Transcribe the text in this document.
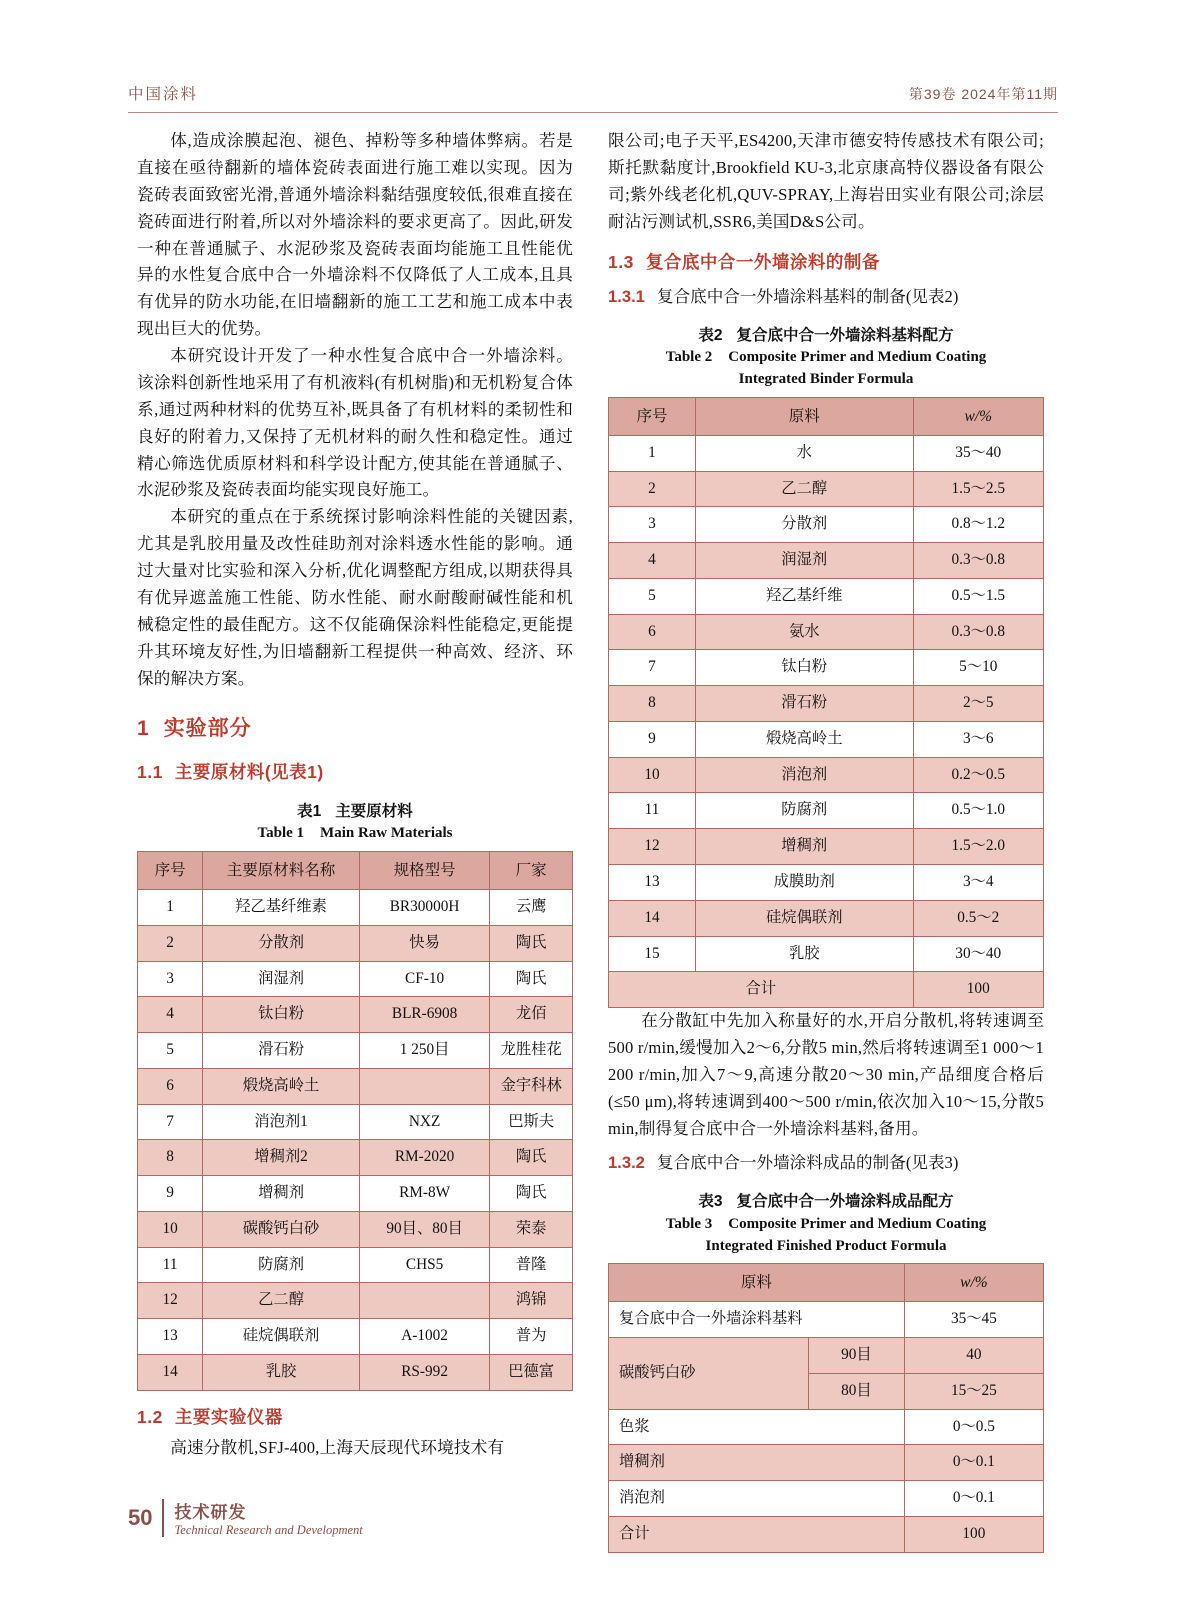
中国涂料	第39卷 2024年第11期

体,造成涂膜起泡、褪色、掉粉等多种墙体弊病。若是直接在亟待翻新的墙体瓷砖表面进行施工难以实现。因为瓷砖表面致密光滑,普通外墙涂料黏结强度较低,很难直接在瓷砖面进行附着,所以对外墙涂料的要求更高了。因此,研发一种在普通腻子、水泥砂浆及瓷砖表面均能施工且性能优异的水性复合底中合一外墙涂料不仅降低了人工成本,且具有优异的防水功能,在旧墙翻新的施工工艺和施工成本中表现出巨大的优势。

本研究设计开发了一种水性复合底中合一外墙涂料。该涂料创新性地采用了有机液料(有机树脂)和无机粉复合体系,通过两种材料的优势互补,既具备了有机材料的柔韧性和良好的附着力,又保持了无机材料的耐久性和稳定性。通过精心筛选优质原材料和科学设计配方,使其能在普通腻子、水泥砂浆及瓷砖表面均能实现良好施工。

本研究的重点在于系统探讨影响涂料性能的关键因素,尤其是乳胶用量及改性硅助剂对涂料透水性能的影响。通过大量对比实验和深入分析,优化调整配方组成,以期获得具有优异遮盖施工性能、防水性能、耐水耐酸耐碱性能和机械稳定性的最佳配方。这不仅能确保涂料性能稳定,更能提升其环境友好性,为旧墙翻新工程提供一种高效、经济、环保的解决方案。

1 实验部分
1.1 主要原材料(见表1)
表1 主要原材料
Table 1 Main Raw Materials
序号	主要原材料名称	规格型号	厂家
1	羟乙基纤维素	BR30000H	云鹰
2	分散剂	快易	陶氏
3	润湿剂	CF-10	陶氏
4	钛白粉	BLR-6908	龙佰
5	滑石粉	1 250目	龙胜桂花
6	煅烧高岭土		金宇科林
7	消泡剂1	NXZ	巴斯夫
8	增稠剂2	RM-2020	陶氏
9	增稠剂	RM-8W	陶氏
10	碳酸钙白砂	90目、80目	荣泰
11	防腐剂	CHS5	普隆
12	乙二醇		鸿锦
13	硅烷偶联剂	A-1002	普为
14	乳胶	RS-992	巴德富
1.2 主要实验仪器

高速分散机,SFJ-400,上海天辰现代环境技术有

限公司;电子天平,ES4200,天津市德安特传感技术有限公司;斯托默黏度计,Brookfield KU-3,北京康高特仪器设备有限公司;紫外线老化机,QUV-SPRAY,上海岩田实业有限公司;涂层耐沾污测试机,SSR6,美国D&S公司。

1.3 复合底中合一外墙涂料的制备
1.3.1 复合底中合一外墙涂料基料的制备(见表2)
表2 复合底中合一外墙涂料基料配方
Table 2 Composite Primer and Medium Coating
Integrated Binder Formula
序号	原料	w/%
1	水	35～40
2	乙二醇	1.5～2.5
3	分散剂	0.8～1.2
4	润湿剂	0.3～0.8
5	羟乙基纤维	0.5～1.5
6	氨水	0.3～0.8
7	钛白粉	5～10
8	滑石粉	2～5
9	煅烧高岭土	3～6
10	消泡剂	0.2～0.5
11	防腐剂	0.5～1.0
12	增稠剂	1.5～2.0
13	成膜助剂	3～4
14	硅烷偶联剂	0.5～2
15	乳胶	30～40
合计		100

在分散缸中先加入称量好的水,开启分散机,将转速调至500 r/min,缓慢加入2～6,分散5 min,然后将转速调至1 000～1 200 r/min,加入7～9,高速分散20～30 min,产品细度合格后(≤50 μm),将转速调到400～500 r/min,依次加入10～15,分散5 min,制得复合底中合一外墙涂料基料,备用。

1.3.2 复合底中合一外墙涂料成品的制备(见表3)
表3 复合底中合一外墙涂料成品配方
Table 3 Composite Primer and Medium Coating
Integrated Finished Product Formula
原料		w/%
复合底中合一外墙涂料基料		35～45
碳酸钙白砂	90目	40
	80目	15～25
色浆		0～0.5
增稠剂		0～0.1
消泡剂		0～0.1
合计		100
50 技术研发
Technical Research and Development
